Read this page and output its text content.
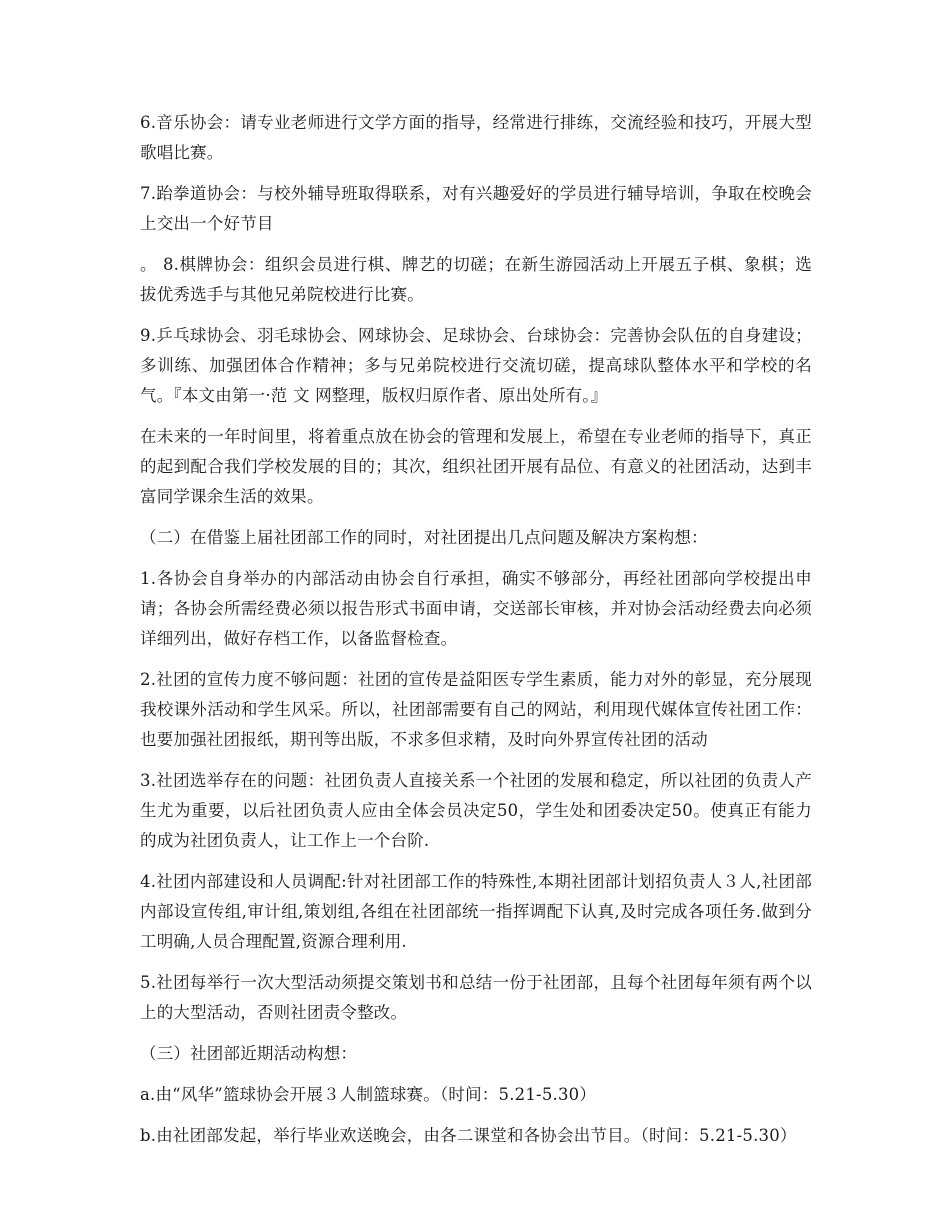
6.音乐协会：请专业老师进行文学方面的指导，经常进行排练，交流经验和技巧，开展大型歌唱比赛。

7.跆拳道协会：与校外辅导班取得联系，对有兴趣爱好的学员进行辅导培训，争取在校晚会上交出一个好节目

。 8.棋牌协会：组织会员进行棋、牌艺的切磋；在新生游园活动上开展五子棋、象棋；选拔优秀选手与其他兄弟院校进行比赛。

9.乒乓球协会、羽毛球协会、网球协会、足球协会、台球协会：完善协会队伍的自身建设；多训练、加强团体合作精神；多与兄弟院校进行交流切磋，提高球队整体水平和学校的名气。『本文由第一·范 文 网整理，版权归原作者、原出处所有。』

在未来的一年时间里，将着重点放在协会的管理和发展上，希望在专业老师的指导下，真正的起到配合我们学校发展的目的；其次，组织社团开展有品位、有意义的社团活动，达到丰富同学课余生活的效果。

（二）在借鉴上届社团部工作的同时，对社团提出几点问题及解决方案构想：

1.各协会自身举办的内部活动由协会自行承担，确实不够部分，再经社团部向学校提出申请；各协会所需经费必须以报告形式书面申请，交送部长审核，并对协会活动经费去向必须详细列出，做好存档工作，以备监督检查。

2.社团的宣传力度不够问题：社团的宣传是益阳医专学生素质，能力对外的彰显，充分展现我校课外活动和学生风采。所以，社团部需要有自己的网站，利用现代媒体宣传社团工作：也要加强社团报纸，期刊等出版，不求多但求精，及时向外界宣传社团的活动

3.社团选举存在的问题：社团负责人直接关系一个社团的发展和稳定，所以社团的负责人产生尤为重要，以后社团负责人应由全体会员决定50，学生处和团委决定50。使真正有能力的成为社团负责人，让工作上一个台阶.

4.社团内部建设和人员调配:针对社团部工作的特殊性,本期社团部计划招负责人３人,社团部内部设宣传组,审计组,策划组,各组在社团部统一指挥调配下认真,及时完成各项任务.做到分工明确,人员合理配置,资源合理利用.

5.社团每举行一次大型活动须提交策划书和总结一份于社团部，且每个社团每年须有两个以上的大型活动，否则社团责令整改。

（三）社团部近期活动构想：

a.由“风华”篮球协会开展３人制篮球赛。（时间：5.21-5.30）

b.由社团部发起，举行毕业欢送晚会，由各二课堂和各协会出节目。（时间：5.21-5.30）
